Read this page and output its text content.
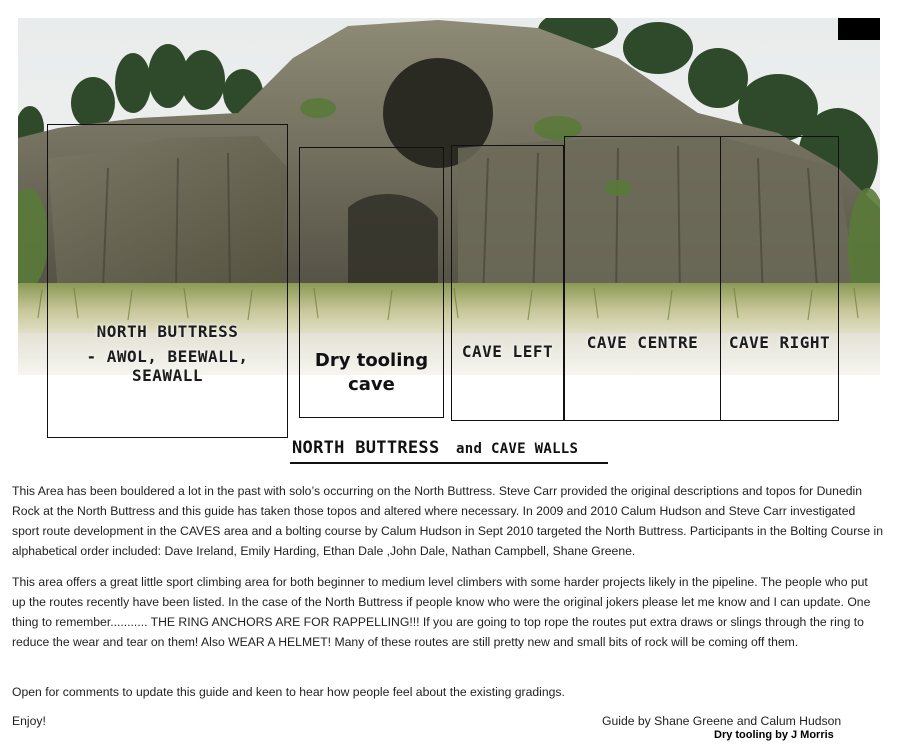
NORTH BUTTRESS
- AWOL, BEEWALL, SEAWALL
Dry tooling
cave
CAVE LEFT	CAVE CENTRE	CAVE RIGHT
NORTH BUTTRESS and CAVE WALLS

This Area has been bouldered a lot in the past with solo’s occurring on the North Buttress. Steve Carr provided the original descriptions and topos for Dunedin Rock at the North Buttress and this guide has taken those topos and altered where necessary. In 2009 and 2010 Calum Hudson and Steve Carr investigated sport route development in the CAVES area and a bolting course by Calum Hudson in Sept 2010 targeted the North Buttress. Participants in the Bolting Course in alphabetical order included: Dave Ireland, Emily Harding, Ethan Dale ,John Dale, Nathan Campbell, Shane Greene.

This area offers a great little sport climbing area for both beginner to medium level climbers with some harder projects likely in the pipeline. The people who put up the routes recently have been listed. In the case of the North Buttress if people know who were the original jokers please let me know and I can update. One thing to remember........... THE RING ANCHORS ARE FOR RAPPELLING!!! If you are going to top rope the routes put extra draws or slings through the ring to reduce the wear and tear on them! Also WEAR A HELMET! Many of these routes are still pretty new and small bits of rock will be coming off them.

Open for comments to update this guide and keen to hear how people feel about the existing gradings.

Enjoy!	Guide by Shane Greene and Calum Hudson
Dry tooling by J Morris
